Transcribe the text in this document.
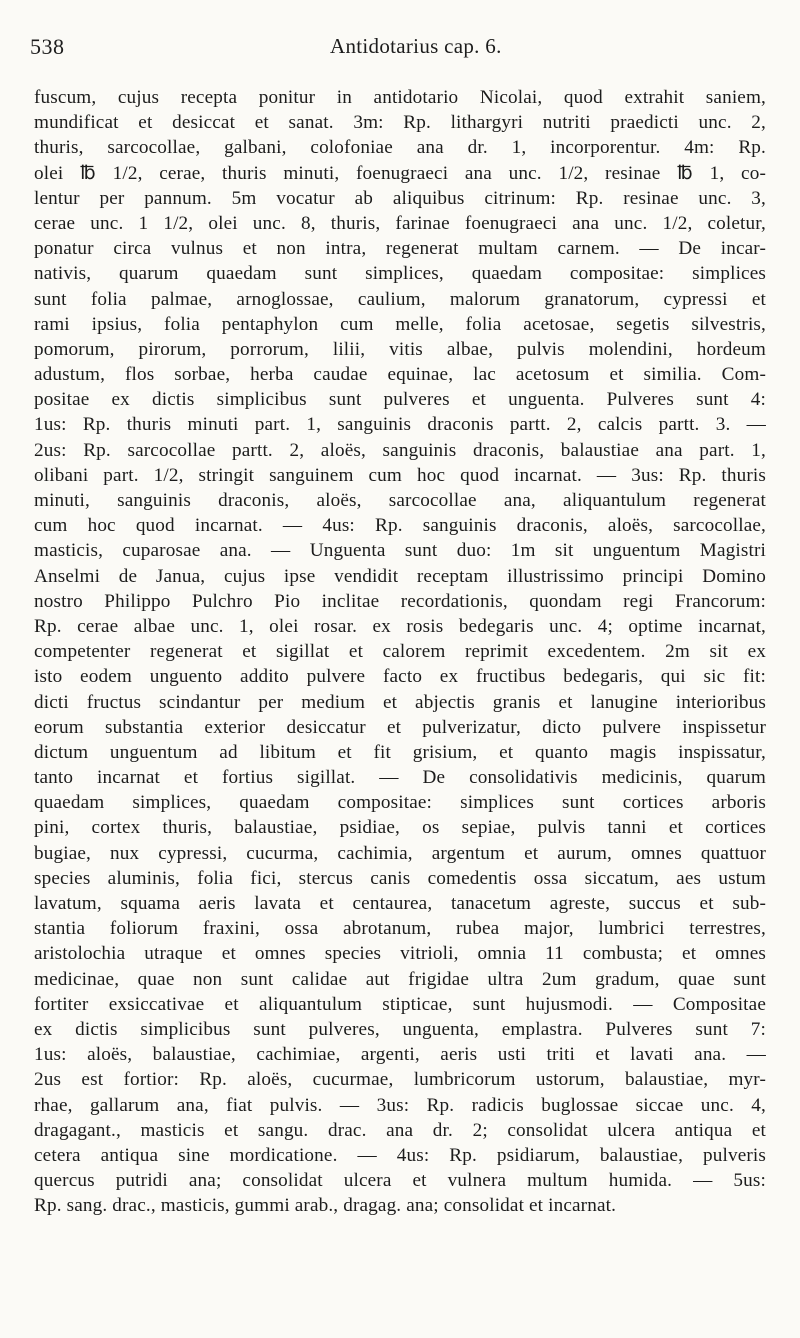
538	Antidotarius cap. 6.
fuscum, cujus recepta ponitur in antidotario Nicolai, quod extrahit saniem,
mundificat et desiccat et sanat. 3m: Rp. lithargyri nutriti praedicti unc. 2,
thuris, sarcocollae, galbani, colofoniae ana dr. 1, incorporentur. 4m: Rp.
olei ℔ 1/2, cerae, thuris minuti, foenugraeci ana unc. 1/2, resinae ℔ 1, co-
lentur per pannum. 5m vocatur ab aliquibus citrinum: Rp. resinae unc. 3,
cerae unc. 1 1/2, olei unc. 8, thuris, farinae foenugraeci ana unc. 1/2, coletur,
ponatur circa vulnus et non intra, regenerat multam carnem. — De incar-
nativis, quarum quaedam sunt simplices, quaedam compositae: simplices
sunt folia palmae, arnoglossae, caulium, malorum granatorum, cypressi et
rami ipsius, folia pentaphylon cum melle, folia acetosae, segetis silvestris,
pomorum, pirorum, porrorum, lilii, vitis albae, pulvis molendini, hordeum
adustum, flos sorbae, herba caudae equinae, lac acetosum et similia. Com-
positae ex dictis simplicibus sunt pulveres et unguenta. Pulveres sunt 4:
1us: Rp. thuris minuti part. 1, sanguinis draconis partt. 2, calcis partt. 3. —
2us: Rp. sarcocollae partt. 2, aloës, sanguinis draconis, balaustiae ana part. 1,
olibani part. 1/2, stringit sanguinem cum hoc quod incarnat. — 3us: Rp. thuris
minuti, sanguinis draconis, aloës, sarcocollae ana, aliquantulum regenerat
cum hoc quod incarnat. — 4us: Rp. sanguinis draconis, aloës, sarcocollae,
masticis, cuparosae ana. — Unguenta sunt duo: 1m sit unguentum Magistri
Anselmi de Janua, cujus ipse vendidit receptam illustrissimo principi Domino
nostro Philippo Pulchro Pio inclitae recordationis, quondam regi Francorum:
Rp. cerae albae unc. 1, olei rosar. ex rosis bedegaris unc. 4; optime incarnat,
competenter regenerat et sigillat et calorem reprimit excedentem. 2m sit ex
isto eodem unguento addito pulvere facto ex fructibus bedegaris, qui sic fit:
dicti fructus scindantur per medium et abjectis granis et lanugine interioribus
eorum substantia exterior desiccatur et pulverizatur, dicto pulvere inspissetur
dictum unguentum ad libitum et fit grisium, et quanto magis inspissatur,
tanto incarnat et fortius sigillat. — De consolidativis medicinis, quarum
quaedam simplices, quaedam compositae: simplices sunt cortices arboris
pini, cortex thuris, balaustiae, psidiae, os sepiae, pulvis tanni et cortices
bugiae, nux cypressi, cucurma, cachimia, argentum et aurum, omnes quattuor
species aluminis, folia fici, stercus canis comedentis ossa siccatum, aes ustum
lavatum, squama aeris lavata et centaurea, tanacetum agreste, succus et sub-
stantia foliorum fraxini, ossa abrotanum, rubea major, lumbrici terrestres,
aristolochia utraque et omnes species vitrioli, omnia 11 combusta; et omnes
medicinae, quae non sunt calidae aut frigidae ultra 2um gradum, quae sunt
fortiter exsiccativae et aliquantulum stipticae, sunt hujusmodi. — Compositae
ex dictis simplicibus sunt pulveres, unguenta, emplastra. Pulveres sunt 7:
1us: aloës, balaustiae, cachimiae, argenti, aeris usti triti et lavati ana. —
2us est fortior: Rp. aloës, cucurmae, lumbricorum ustorum, balaustiae, myr-
rhae, gallarum ana, fiat pulvis. — 3us: Rp. radicis buglossae siccae unc. 4,
dragagant., masticis et sangu. drac. ana dr. 2; consolidat ulcera antiqua et
cetera antiqua sine mordicatione. — 4us: Rp. psidiarum, balaustiae, pulveris
quercus putridi ana; consolidat ulcera et vulnera multum humida. — 5us:
Rp. sang. drac., masticis, gummi arab., dragag. ana; consolidat et incarnat.
